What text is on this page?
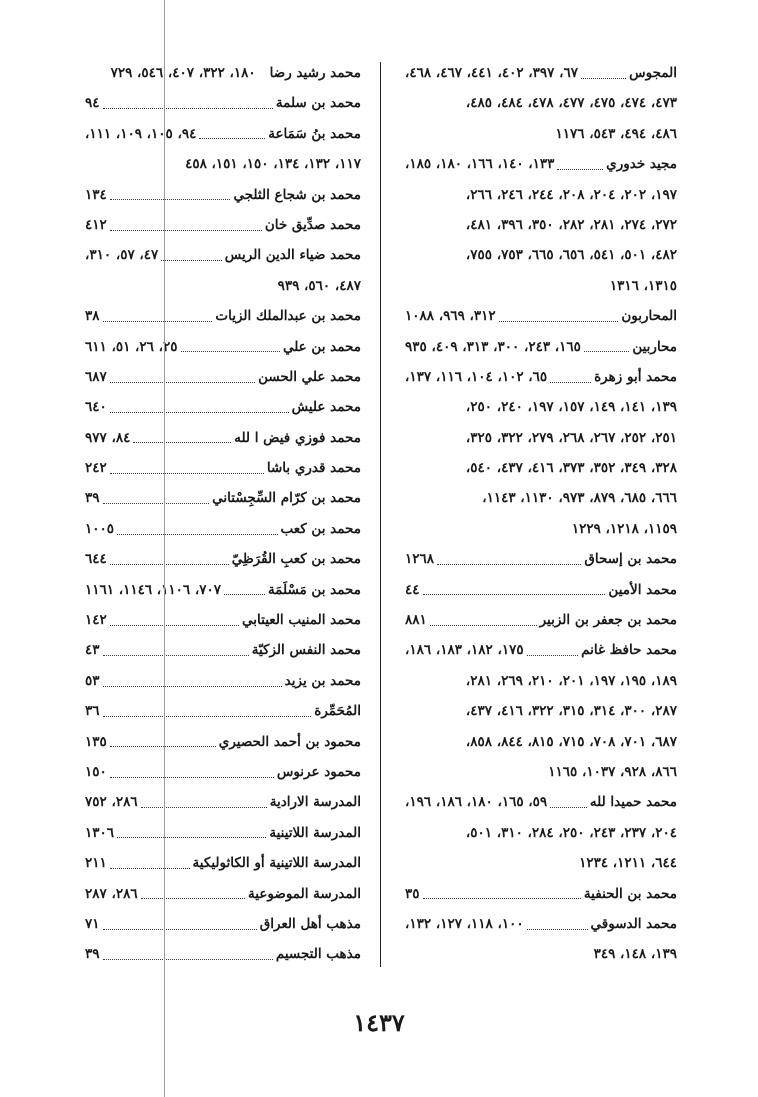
المجوس
٦٧، ٣٩٧، ٤٠٢، ٤٤١، ٤٦٧، ٤٦٨،
٤٧٣، ٤٧٤، ٤٧٥، ٤٧٧، ٤٧٨، ٤٨٤، ٤٨٥،
٤٨٦، ٤٩٤، ٥٤٣، ١١٧٦
مجيد خدوري
١٣٣، ١٤٠، ١٦٦، ١٨٠، ١٨٥،
١٩٧، ٢٠٢، ٢٠٤، ٢٠٨، ٢٤٤، ٢٤٦، ٢٦٦،
٢٧٢، ٢٧٤، ٢٨١، ٢٨٢، ٣٥٠، ٣٩٦، ٤٨١،
٤٨٢، ٥٠١، ٥٤١، ٦٥٦، ٦٦٥، ٧٥٣، ٧٥٥،
١٣١٥، ١٣١٦
المحاربون
٣١٢، ٩٦٩، ١٠٨٨
محاربين
١٦٥، ٢٤٣، ٣٠٠، ٣١٣، ٤٠٩، ٩٣٥
محمد أبو زهرة
٦٥، ١٠٢، ١٠٤، ١١٦، ١٣٧،
١٣٩، ١٤١، ١٤٩، ١٥٧، ١٩٧، ٢٤٠، ٢٥٠،
٢٥١، ٢٥٢، ٢٦٧، ٢٦٨، ٢٧٩، ٣٢٢، ٣٢٥،
٣٢٨، ٣٤٩، ٣٥٢، ٣٧٣، ٤١٦، ٤٣٧، ٥٤٠،
٦٦٦، ٦٨٥، ٨٧٩، ٩٧٣، ١١٣٠، ١١٤٣،
١١٥٩، ١٢١٨، ١٢٢٩
محمد بن إسحاق
١٢٦٨
محمد الأمين
٤٤
محمد بن جعفر بن الزبير
٨٨١
محمد حافظ غانم
١٧٥، ١٨٢، ١٨٣، ١٨٦،
١٨٩، ١٩٥، ١٩٧، ٢٠١، ٢١٠، ٢٦٩، ٢٨١،
٢٨٧، ٣٠٠، ٣١٤، ٣١٥، ٣٢٢، ٤١٦، ٤٣٧،
٦٨٧، ٧٠١، ٧٠٨، ٧١٥، ٨١٥، ٨٤٤، ٨٥٨،
٨٦٦، ٩٢٨، ١٠٣٧، ١١٦٥
محمد حميدا لله
٥٩، ١٦٥، ١٨٠، ١٨٦، ١٩٦،
٢٠٤، ٢٣٧، ٢٤٣، ٢٥٠، ٢٨٤، ٣١٠، ٥٠١،
٦٤٤، ١٢١١، ١٢٣٤
محمد بن الحنفية
٣٥
محمد الدسوقي
١٠٠، ١١٨، ١٢٧، ١٣٢،
١٣٩، ١٤٨، ٣٤٩
محمد رشيد رضا
١٨٠، ٣٢٢، ٤٠٧، ٥٤٦، ٧٢٩
محمد بن سلمة
٩٤
محمد بنُ سَمَاعة
٩٤، ١٠٥، ١٠٩، ١١١،
١١٧، ١٣٢، ١٣٤، ١٥٠، ١٥١، ٤٥٨
محمد بن شجاع الثلجي
١٣٤
محمد صدِّيق خان
٤١٢
محمد ضياء الدين الريس
٤٧، ٥٧، ٣١٠،
٤٨٧، ٥٦٠، ٩٣٩
محمد بن عبدالملك الزيات
٣٨
محمد بن علي
٢٥، ٢٦، ٥١، ٦١١
محمد علي الحسن
٦٨٧
محمد عليش
٦٤٠
محمد فوزي فيض ا لله
٨٤، ٩٧٧
محمد قدري باشا
٢٤٢
محمد بن كرّام السِّجِسْتاني
٣٩
محمد بن كعب
١٠٠٥
محمد بن كعبِ القُرَظِيّ
٦٤٤
محمد بن مَسْلَمَة
٧٠٧، ١١٠٦، ١١٤٦، ١١٦١
محمد المنيب العيتابي
١٤٢
محمد النفس الزكيّة
٤٣
محمد بن يزيد
٥٣
المُحَمِّرة
٣٦
محمود بن أحمد الحصيري
١٣٥
محمود عرنوس
١٥٠
المدرسة الارادية
٢٨٦، ٧٥٢
المدرسة اللاتينية
١٣٠٦
المدرسة اللاتينية أو الكاثوليكية
٢١١
المدرسة الموضوعية
٢٨٦، ٢٨٧
مذهب أهل العراق
٧١
مذهب التجسيم
٣٩
١٤٣٧
